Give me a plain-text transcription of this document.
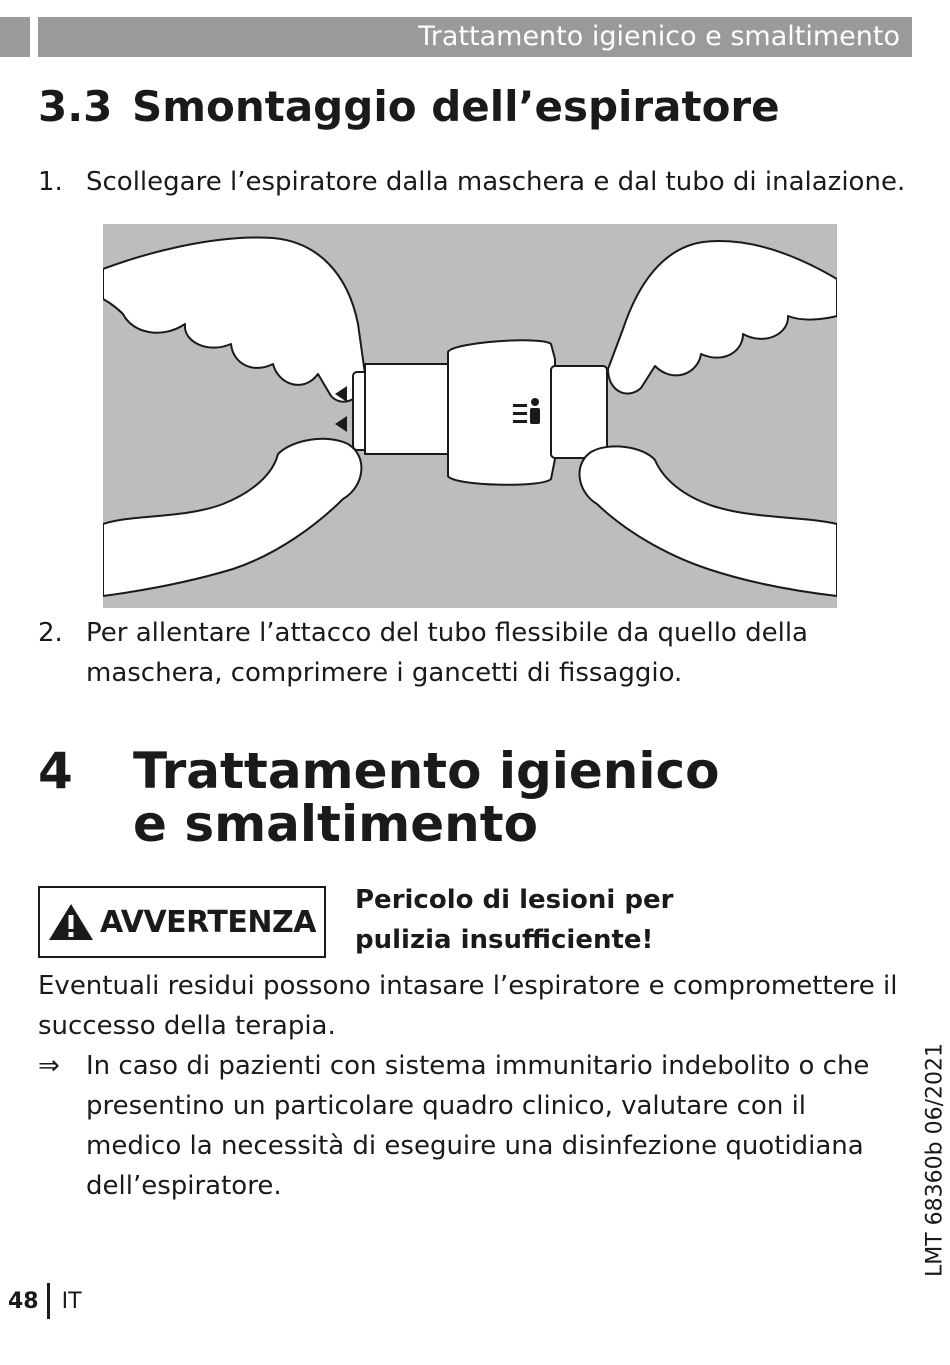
Trattamento igienico e smaltimento
3.3 Smontaggio dell’espiratore
1. Scollegare l’espiratore dalla maschera e dal tubo di inalazione.
2. Per allentare l’attacco del tubo flessibile da quello della maschera, comprimere i gancetti di fissaggio.
4 Trattamento igienico e smaltimento
AVVERTENZA
Pericolo di lesioni per pulizia insufficiente!
Eventuali residui possono intasare l’espiratore e compromettere il successo della terapia.
⇒ In caso di pazienti con sistema immunitario indebolito o che presentino un particolare quadro clinico, valutare con il medico la necessità di eseguire una disinfezione quotidiana dell’espiratore.	LMT 68360b 06/2021
48 IT
